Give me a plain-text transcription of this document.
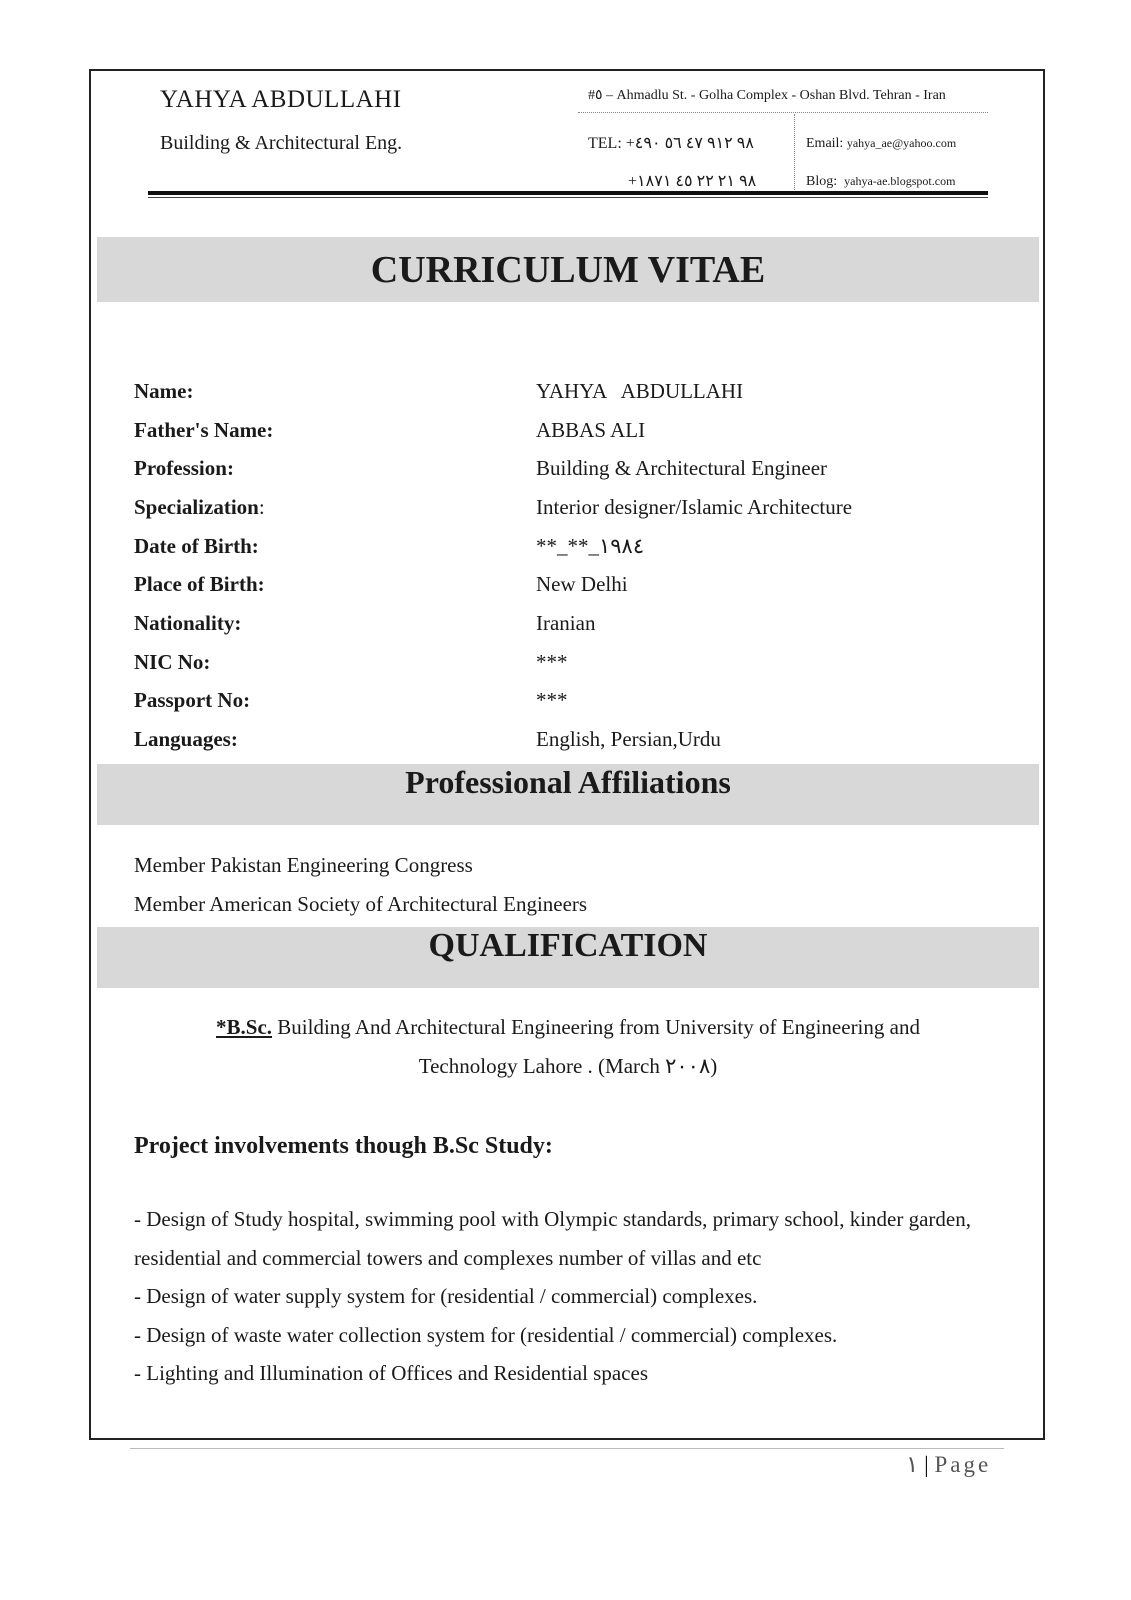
YAHYA ABDULLAHI
Building & Architectural Eng.
#٥ – Ahmadlu St. - Golha Complex - Oshan Blvd. Tehran - Iran
TEL: +٩٨ ٩١٢ ٤٧ ٥٦ ٤٩٠
+٩٨ ٢١ ٢٢ ٤٥ ١٨٧١
Email: yahya_ae@yahoo.com
Blog: yahya-ae.blogspot.com
CURRICULUM VITAE
Name:	YAHYA   ABDULLAHI
Father's Name:	ABBAS ALI
Profession:	Building & Architectural Engineer
Specialization:	Interior designer/Islamic Architecture
Date of Birth:	**_**_١٩٨٤
Place of Birth:	New Delhi
Nationality:	Iranian
NIC No:	***
Passport No:	***
Languages:	English, Persian,Urdu
Professional Affiliations
Member Pakistan Engineering Congress
Member American Society of Architectural Engineers
QUALIFICATION
*B.Sc. Building And Architectural Engineering from University of Engineering and
Technology Lahore . (March ٢٠٠٨)
Project involvements though B.Sc Study:
- Design of Study hospital, swimming pool with Olympic standards, primary school, kinder garden, residential and commercial towers and complexes number of villas and etc
- Design of water supply system for (residential / commercial) complexes.
- Design of waste water collection system for (residential / commercial) complexes.
- Lighting and Illumination of Offices and Residential spaces
١ | Page
